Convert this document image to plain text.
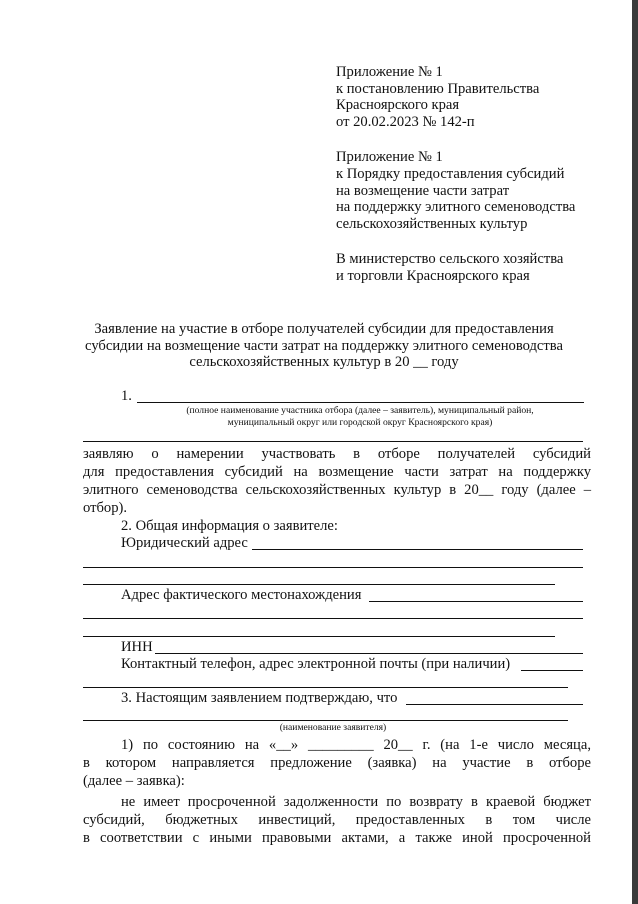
Приложение № 1
к постановлению Правительства
Красноярского края
от 20.02.2023 № 142-п
Приложение № 1
к Порядку предоставления субсидий
на возмещение части затрат
на поддержку элитного семеноводства
сельскохозяйственных культур
В министерство сельского хозяйства
и торговли Красноярского края
Заявление на участие в отборе получателей субсидии для предоставления
субсидии на возмещение части затрат на поддержку элитного семеноводства
сельскохозяйственных культур в 20 __ году
1.
(полное наименование участника отбора (далее – заявитель), муниципальный район,
муниципальный округ или городской округ Красноярского края)
заявляю о намерении участвовать в отборе получателей субсидий
для предоставления субсидий на возмещение части затрат на поддержку
элитного семеноводства сельскохозяйственных культур в 20__ году (далее –
отбор).
2. Общая информация о заявителе:
Юридический адрес
Адрес фактического местонахождения
ИНН
Контактный телефон, адрес электронной почты (при наличии)
3. Настоящим заявлением подтверждаю, что
(наименование заявителя)
1) по состоянию на «__» _________ 20__ г. (на 1-е число месяца,
в котором направляется предложение (заявка) на участие в отборе
(далее – заявка):
не имеет просроченной задолженности по возврату в краевой бюджет
субсидий, бюджетных инвестиций, предоставленных в том числе
в соответствии с иными правовыми актами, а также иной просроченной
